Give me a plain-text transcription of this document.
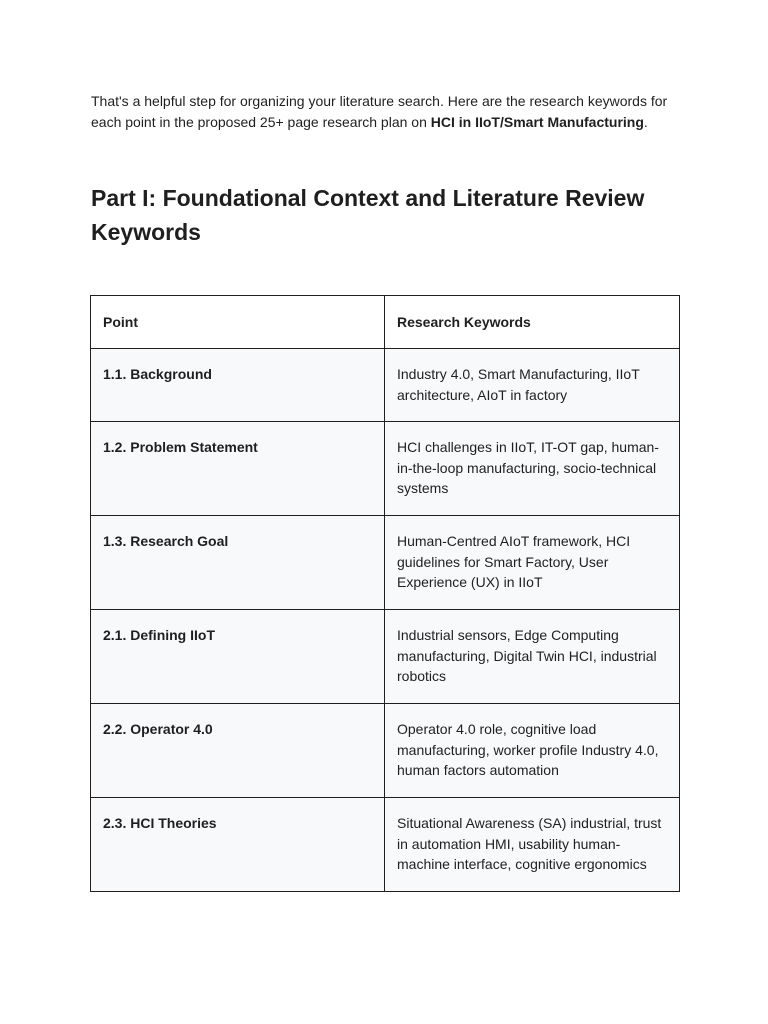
That's a helpful step for organizing your literature search. Here are the research keywords for each point in the proposed 25+ page research plan on HCI in IIoT/Smart Manufacturing.

Part I: Foundational Context and Literature Review Keywords
Point	Research Keywords

1.1. Background	Industry 4.0, Smart Manufacturing, IIoT architecture, AIoT in factory

1.2. Problem Statement	HCI challenges in IIoT, IT-OT gap, human-in-the-loop manufacturing, socio-technical systems

1.3. Research Goal	Human-Centred AIoT framework, HCI guidelines for Smart Factory, User Experience (UX) in IIoT

2.1. Defining IIoT	Industrial sensors, Edge Computing manufacturing, Digital Twin HCI, industrial robotics

2.2. Operator 4.0	Operator 4.0 role, cognitive load manufacturing, worker profile Industry 4.0, human factors automation

2.3. HCI Theories	Situational Awareness (SA) industrial, trust in automation HMI, usability human-machine interface, cognitive ergonomics
